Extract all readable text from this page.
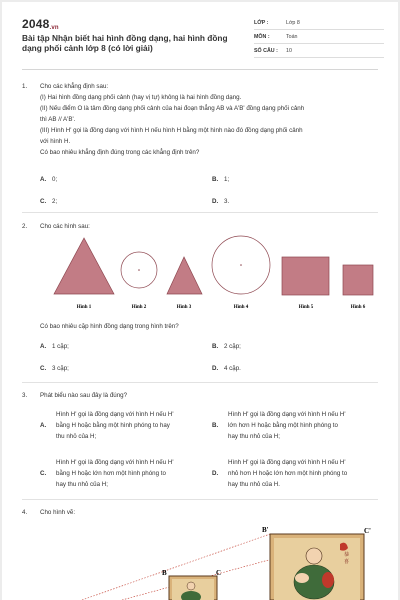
2048.vn
Bài tập Nhận biết hai hình đồng dạng, hai hình đồng dạng phối cảnh lớp 8 (có lời giải)
LỚP :	Lớp 8
MÔN :	Toán
SỐ CÂU :	10
1.	Cho các khẳng định sau:
(I) Hai hình đồng dạng phối cảnh (hay vị tự) không là hai hình đồng dạng.
(II) Nếu điểm O là tâm đồng dạng phối cảnh của hai đoạn thẳng AB và A'B' đồng dạng phối cảnh
thì AB // A'B'.
(III) Hình H' gọi là đồng dạng với hình H nếu hình H bằng một hình nào đó đồng dạng phối cảnh
với hình H.
Có bao nhiêu khẳng định đúng trong các khẳng định trên?
A. 0;	B. 1;
C. 2;	D. 3.
2.	Cho các hình sau:
Hình 1	Hình 2	Hình 3	Hình 4	Hình 5	Hình 6
Có bao nhiêu cặp hình đồng dạng trong hình trên?
A. 1 cặp;	B. 2 cặp;
C. 3 cặp;	D. 4 cặp.
3.	Phát biểu nào sau đây là đúng?
A.
Hình H' gọi là đồng dạng với hình H nếu H'
bằng H hoặc bằng một hình phóng to hay
thu nhỏ của H;
B.
Hình H' gọi là đồng dạng với hình H nếu H'
lớn hơn H hoặc bằng một hình phóng to
hay thu nhỏ của H;
C.
Hình H' gọi là đồng dạng với hình H nếu H'
bằng H hoặc lớn hơn một hình phóng to
hay thu nhỏ của H;
D.
Hình H' gọi là đồng dạng với hình H nếu H'
nhỏ hơn H hoặc lớn hơn một hình phóng to
hay thu nhỏ của H.
4.	Cho hình vẽ:
恭
喜
B'	C'
B	C
